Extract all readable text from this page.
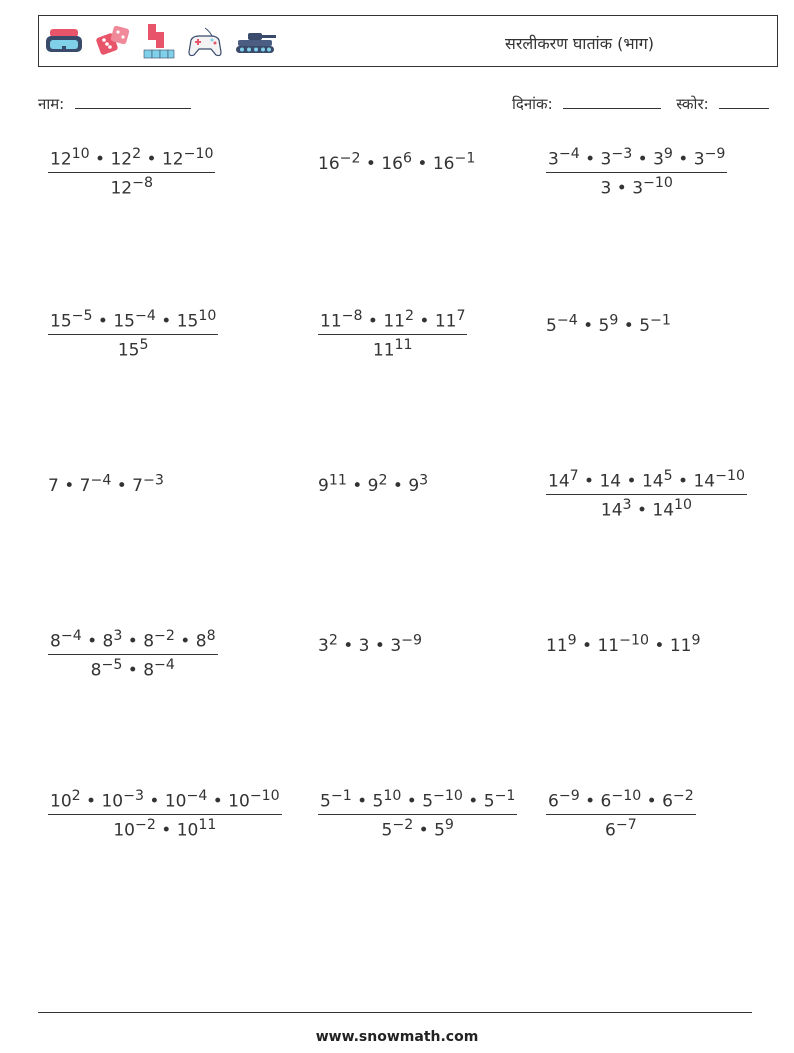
सरलीकरण घातांक (भाग)
नाम:	दिनांक:	स्कोर:
$\frac{12^{10} • 12^2 • 12^{-10}}{12^{-8}}$	$16^{-2}$ • $16^6$ • $16^{-1}$	$\frac{3^{-4} • 3^{-3} • 3^9 • 3^{-9}}{3 • 3^{-10}}$
$\frac{15^{-5} • 15^{-4} • 15^{10}}{15^5}$	$\frac{11^{-8} • 11^2 • 11^7}{11^{11}}$	$5^{-4}$ • $5^9$ • $5^{-1}$
7 • $7^{-4}$ • $7^{-3}$	$9^{11}$ • $9^2$ • $9^3$	$\frac{14^7 • 14 • 14^5 • 14^{-10}}{14^3 • 14^{10}}$
$\frac{8^{-4} • 8^3 • 8^{-2} • 8^8}{8^{-5} • 8^{-4}}$	$3^2$ • 3 • $3^{-9}$	$11^9$ • $11^{-10}$ • $11^9$
$\frac{10^2 • 10^{-3} • 10^{-4} • 10^{-10}}{10^{-2} • 10^{11}} \frac{5^{-1} • 5^{10} • 5^{-10} • 5^{-1}}{5^{-2} • 5^9} \frac{6^{-9} • 6^{-10} • 6^{-2}}{6^{-7}}$
www.snowmath.com
